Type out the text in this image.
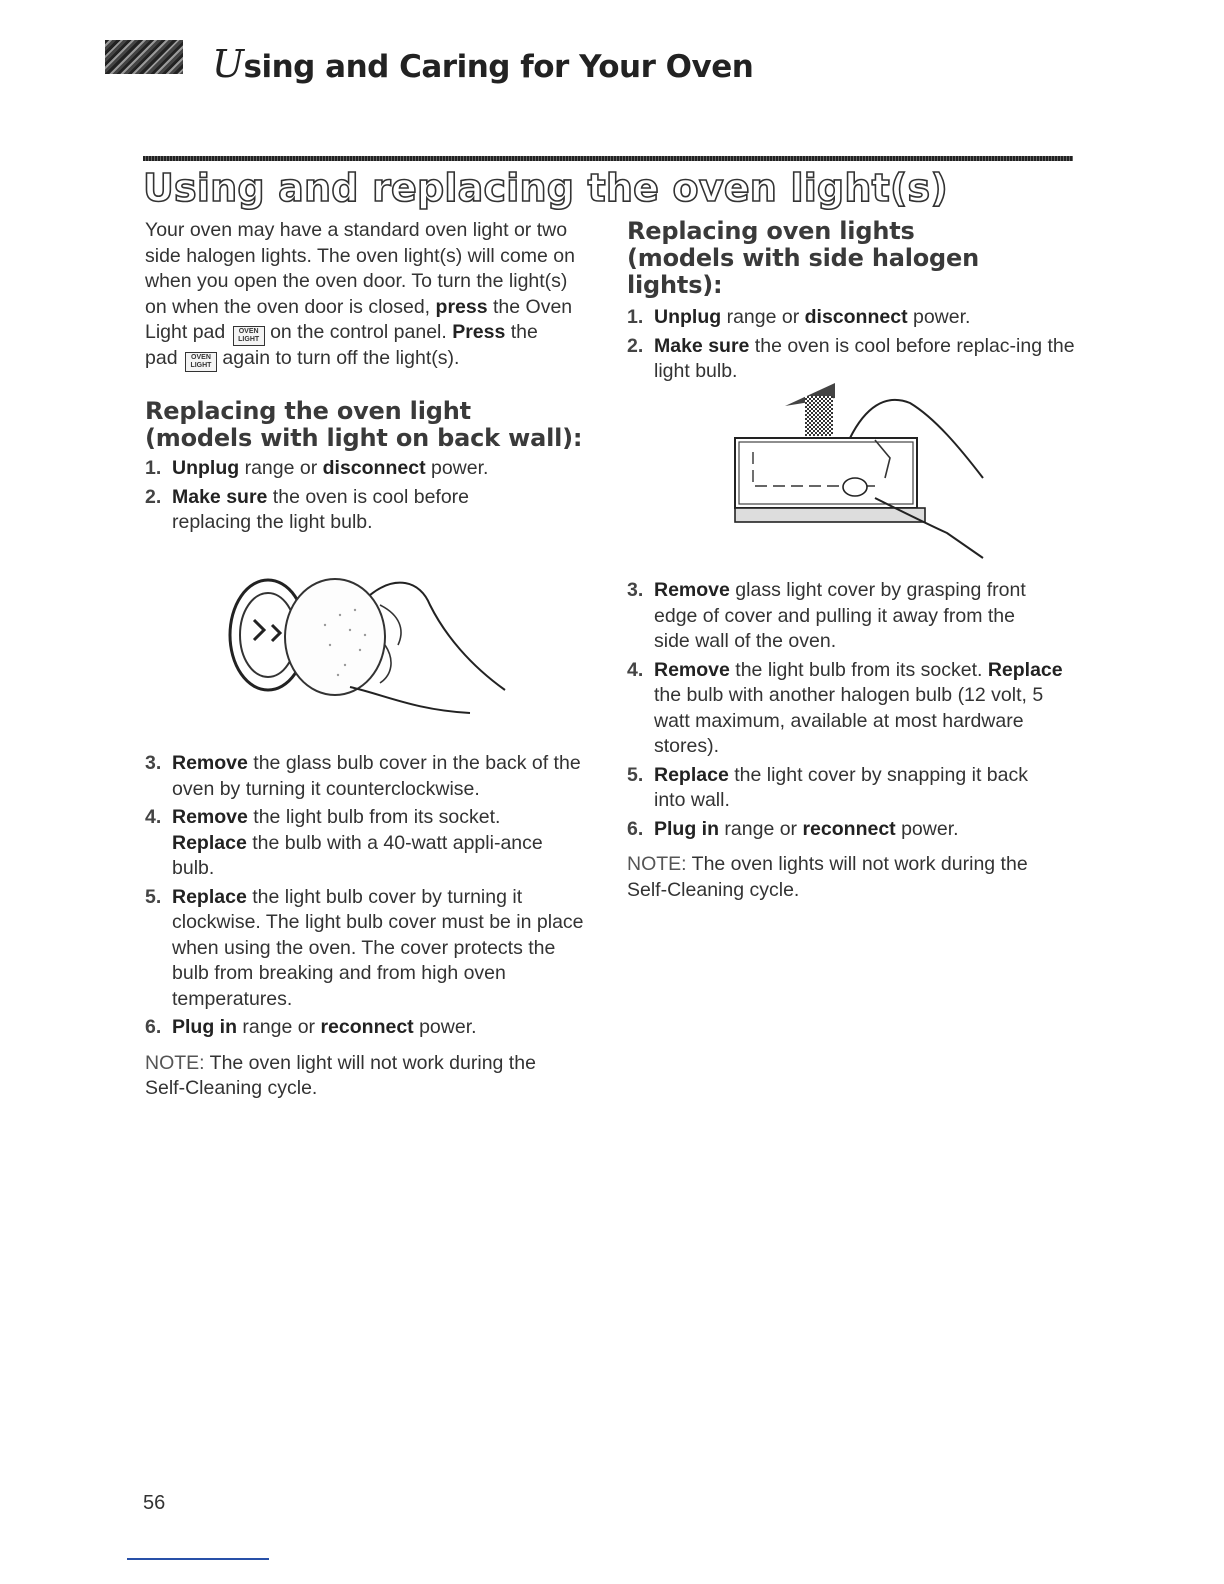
Using and Caring for Your Oven
Using and replacing the oven light(s)

Your oven may have a standard oven light or two side halogen lights. The oven light(s) will come on when you open the oven door. To turn the light(s) on when the oven door is closed, press the Oven Light pad OVEN LIGHT on the control panel. Press the pad OVEN LIGHT again to turn off the light(s).

Replacing the oven light
(models with light on back wall):
1. Unplug range or disconnect power.
2. Make sure the oven is cool before replacing the light bulb.
3. Remove the glass bulb cover in the back of the oven by turning it counterclockwise.
4. Remove the light bulb from its socket. Replace the bulb with a 40-watt appli-ance bulb.
5. Replace the light bulb cover by turning it clockwise. The light bulb cover must be in place when using the oven. The cover protects the bulb from breaking and from high oven temperatures.
6. Plug in range or reconnect power.

NOTE: The oven light will not work during the Self-Cleaning cycle.

Replacing oven lights
(models with side halogen lights):
1. Unplug range or disconnect power.
2. Make sure the oven is cool before replac-ing the light bulb.
3. Remove glass light cover by grasping front edge of cover and pulling it away from the side wall of the oven.
4. Remove the light bulb from its socket. Replace the bulb with another halogen bulb (12 volt, 5 watt maximum, available at most hardware stores).
5. Replace the light cover by snapping it back into wall.
6. Plug in range or reconnect power.

NOTE: The oven lights will not work during the Self-Cleaning cycle.

56
